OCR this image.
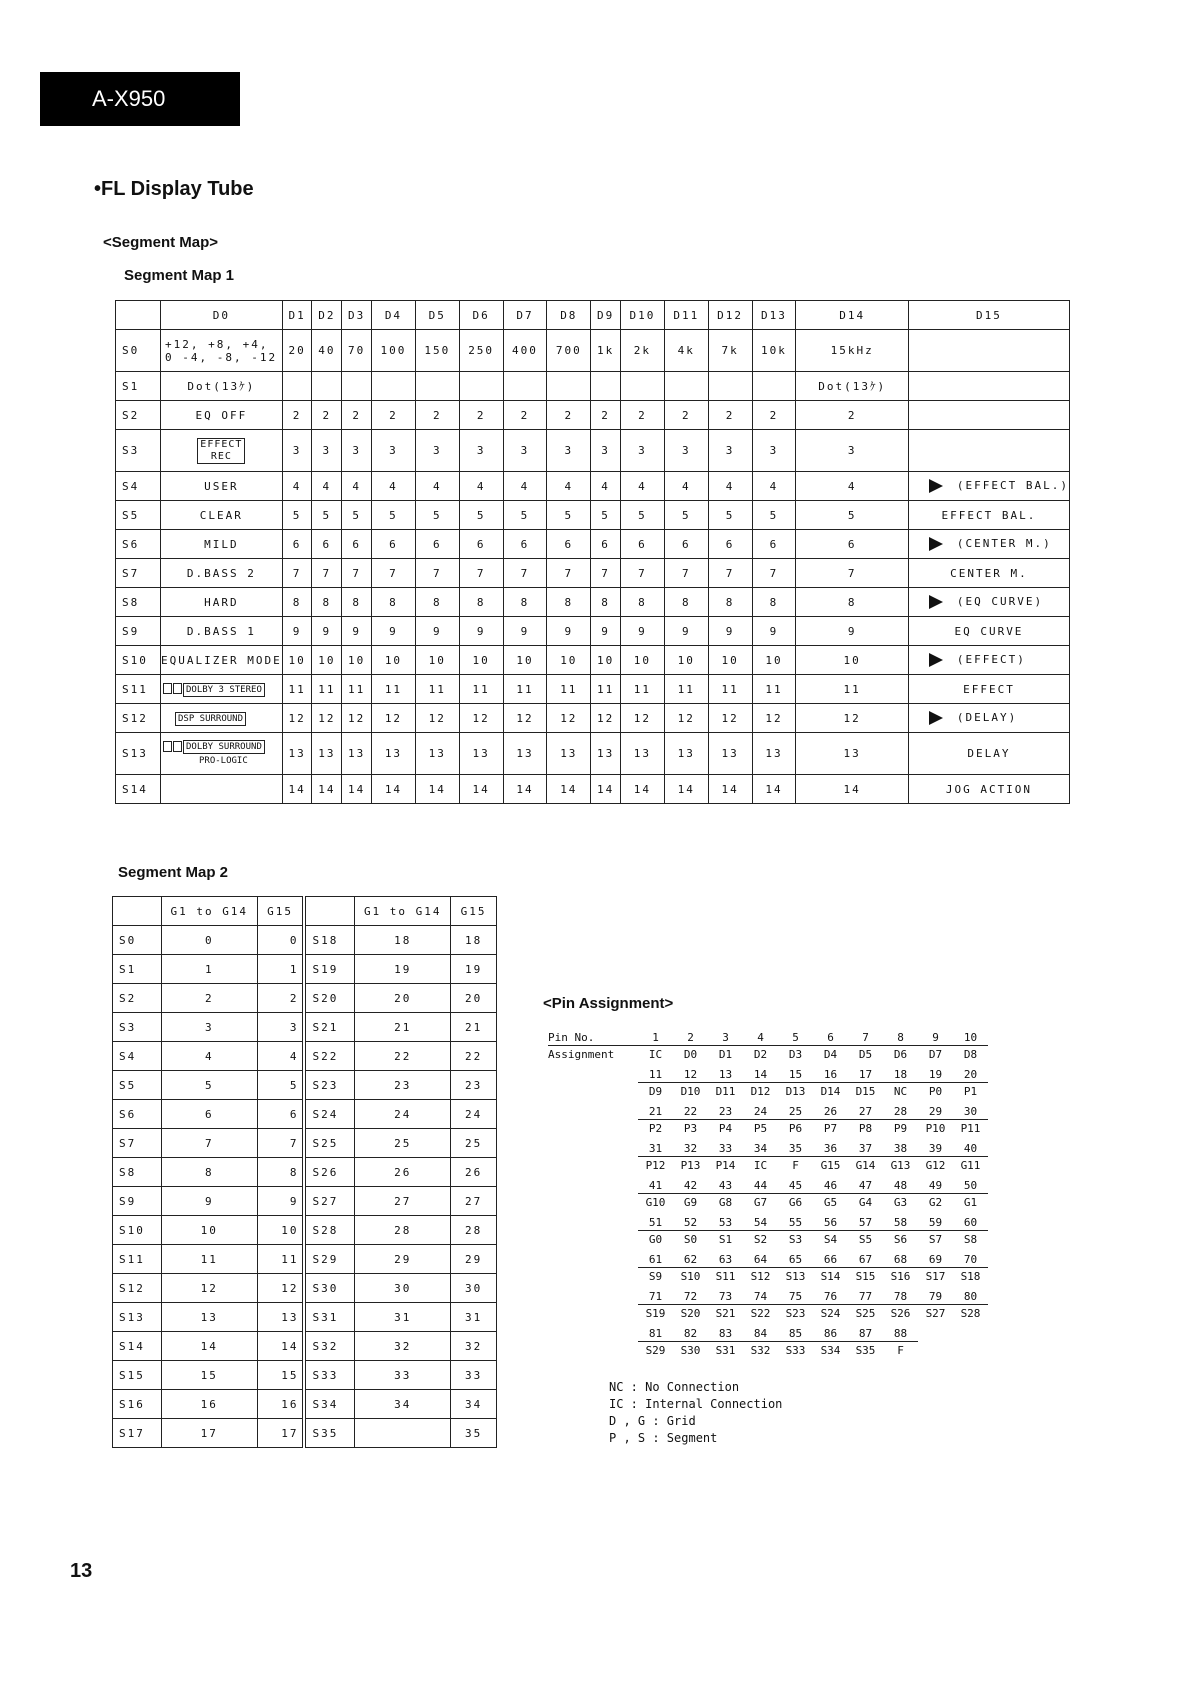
A-X950
•FL Display Tube
<Segment Map>
Segment Map 1
	D0	D1	D2	D3	D4	D5	D6	D7	D8	D9	D10	D11	D12	D13	D14	D15
S0	+12, +8, +4, 0 -4, -8, -12	20	40	70	100	150	250	400	700	1k	2k	4k	7k	10k	15kHz	
S1	Dot(13ｹ)														Dot(13ｹ)	
S2	EQ OFF	2	2	2	2	2	2	2	2	2	2	2	2	2	2	
S3	EFFECT
REC	3	3	3	3	3	3	3	3	3	3	3	3	3	3	
S4	USER	4	4	4	4	4	4	4	4	4	4	4	4	4	4	(EFFECT BAL.)
S5	CLEAR	5	5	5	5	5	5	5	5	5	5	5	5	5	5	EFFECT BAL.
S6	MILD	6	6	6	6	6	6	6	6	6	6	6	6	6	6	(CENTER M.)
S7	D.BASS 2	7	7	7	7	7	7	7	7	7	7	7	7	7	7	CENTER M.
S8	HARD	8	8	8	8	8	8	8	8	8	8	8	8	8	8	(EQ CURVE)
S9	D.BASS 1	9	9	9	9	9	9	9	9	9	9	9	9	9	9	EQ CURVE
S10	EQUALIZER MODE	10	10	10	10	10	10	10	10	10	10	10	10	10	10	(EFFECT)
S11	DOLBY 3 STEREO	11	11	11	11	11	11	11	11	11	11	11	11	11	11	EFFECT
S12	DSP SURROUND	12	12	12	12	12	12	12	12	12	12	12	12	12	12	(DELAY)
S13	DOLBY SURROUND
PRO-LOGIC	13	13	13	13	13	13	13	13	13	13	13	13	13	13	DELAY
S14		14	14	14	14	14	14	14	14	14	14	14	14	14	14	JOG ACTION
Segment Map 2
	G1 to G14	G15		G1 to G14	G15
S0	0	0	S18	18	18
S1	1	1	S19	19	19
S2	2	2	S20	20	20
S3	3	3	S21	21	21
S4	4	4	S22	22	22
S5	5	5	S23	23	23
S6	6	6	S24	24	24
S7	7	7	S25	25	25
S8	8	8	S26	26	26
S9	9	9	S27	27	27
S10	10	10	S28	28	28
S11	11	11	S29	29	29
S12	12	12	S30	30	30
S13	13	13	S31	31	31
S14	14	14	S32	32	32
S15	15	15	S33	33	33
S16	16	16	S34	34	34
S17	17	17	S35		35
<Pin Assignment>
Pin No.	1	2	3	4	5	6	7	8	9	10
Assignment	IC	D0	D1	D2	D3	D4	D5	D6	D7	D8

	11	12	13	14	15	16	17	18	19	20
	D9	D10	D11	D12	D13	D14	D15	NC	P0	P1

	21	22	23	24	25	26	27	28	29	30
	P2	P3	P4	P5	P6	P7	P8	P9	P10	P11

	31	32	33	34	35	36	37	38	39	40
	P12	P13	P14	IC	F	G15	G14	G13	G12	G11

	41	42	43	44	45	46	47	48	49	50
	G10	G9	G8	G7	G6	G5	G4	G3	G2	G1

	51	52	53	54	55	56	57	58	59	60
	G0	S0	S1	S2	S3	S4	S5	S6	S7	S8

	61	62	63	64	65	66	67	68	69	70
	S9	S10	S11	S12	S13	S14	S15	S16	S17	S18

	71	72	73	74	75	76	77	78	79	80
	S19	S20	S21	S22	S23	S24	S25	S26	S27	S28

	81	82	83	84	85	86	87	88		
	S29	S30	S31	S32	S33	S34	S35	F		

NC : No Connection
IC : Internal Connection
D , G : Grid
P , S : Segment
13
